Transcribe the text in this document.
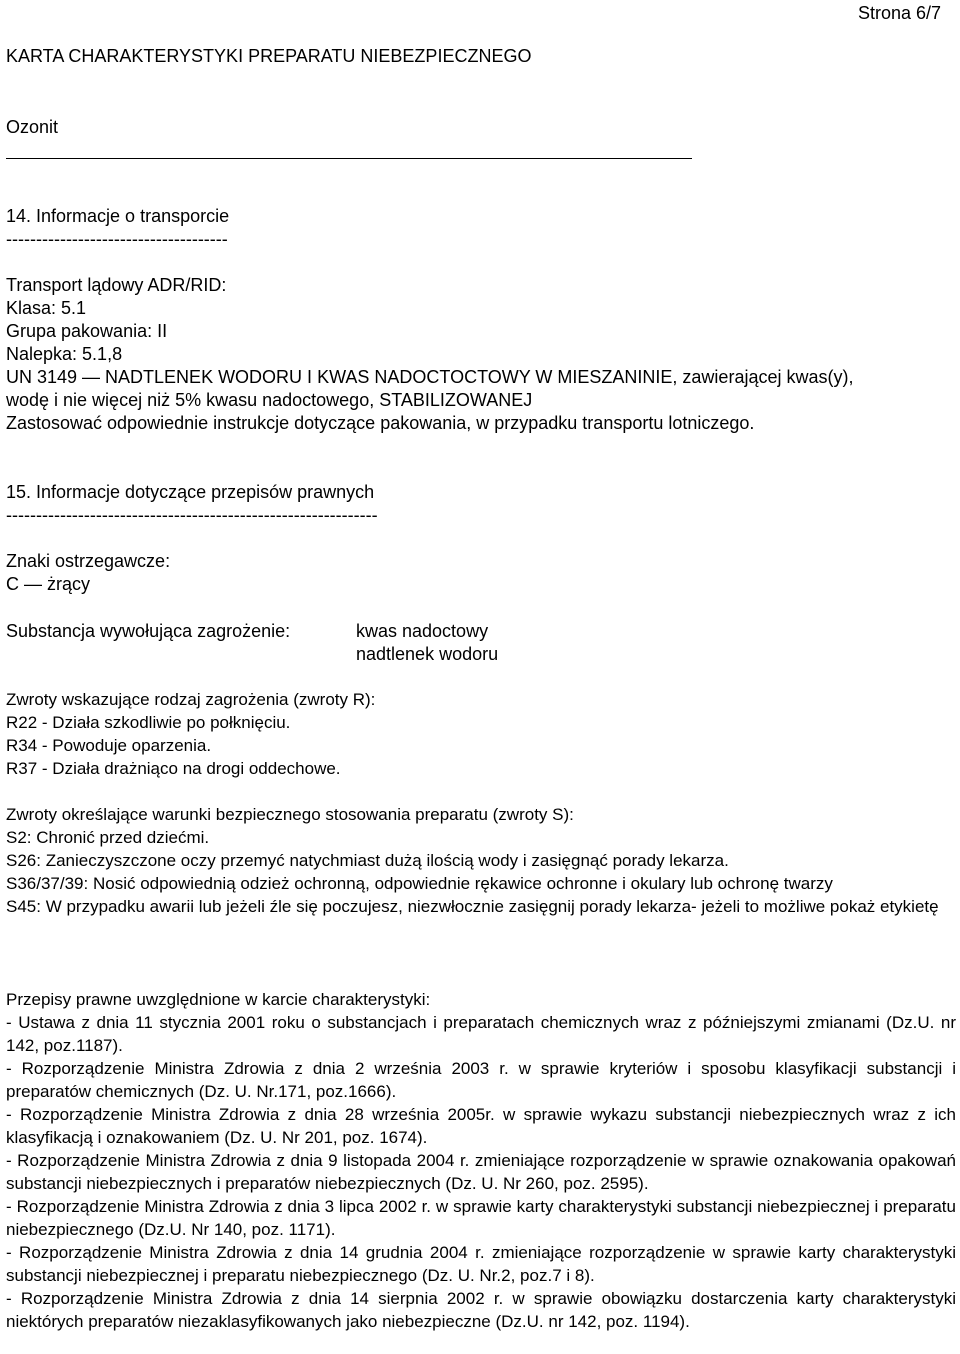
Strona 6/7
KARTA CHARAKTERYSTYKI PREPARATU NIEBEZPIECZNEGO
Ozonit
14. Informacje o transporcie
-------------------------------------
Transport lądowy ADR/RID:
Klasa: 5.1
Grupa pakowania: II
Nalepka: 5.1,8
UN 3149 — NADTLENEK WODORU I KWAS NADOCTOCTOWY W MIESZANINIE, zawierającej kwas(y),
wodę i nie więcej niż 5% kwasu nadoctowego, STABILIZOWANEJ
Zastosować odpowiednie instrukcje dotyczące pakowania, w przypadku transportu lotniczego.
15. Informacje dotyczące przepisów prawnych
--------------------------------------------------------------
Znaki ostrzegawcze:
C — żrący
Substancja wywołująca zagrożenie:	kwas nadoctowy
nadtlenek wodoru
Zwroty wskazujące rodzaj zagrożenia (zwroty R):
R22 - Działa szkodliwie po połknięciu.
R34 - Powoduje oparzenia.
R37 - Działa drażniąco na drogi oddechowe.
Zwroty określające warunki bezpiecznego stosowania preparatu (zwroty S):
S2: Chronić przed dziećmi.
S26: Zanieczyszczone oczy przemyć natychmiast dużą ilością wody i zasięgnąć porady lekarza.
S36/37/39: Nosić odpowiednią odzież ochronną, odpowiednie rękawice ochronne i okulary lub ochronę twarzy
S45: W przypadku awarii lub jeżeli źle się poczujesz, niezwłocznie zasięgnij porady lekarza- jeżeli to możliwe pokaż etykietę
Przepisy prawne uwzględnione w karcie charakterystyki:
- Ustawa z dnia 11 stycznia 2001 roku o substancjach i preparatach chemicznych wraz z późniejszymi zmianami (Dz.U. nr 142, poz.1187).
- Rozporządzenie Ministra Zdrowia z dnia 2 września 2003 r. w sprawie kryteriów i sposobu klasyfikacji substancji i preparatów chemicznych (Dz. U. Nr.171, poz.1666).
- Rozporządzenie Ministra Zdrowia z dnia 28 września 2005r. w sprawie wykazu substancji niebezpiecznych wraz z ich klasyfikacją i oznakowaniem (Dz. U. Nr 201, poz. 1674).
- Rozporządzenie Ministra Zdrowia z dnia 9 listopada 2004 r. zmieniające rozporządzenie w sprawie oznakowania opakowań substancji niebezpiecznych i preparatów niebezpiecznych (Dz. U. Nr 260, poz. 2595).
- Rozporządzenie Ministra Zdrowia z dnia 3 lipca 2002 r. w sprawie karty charakterystyki substancji niebezpiecznej i preparatu niebezpiecznego (Dz.U. Nr 140, poz. 1171).
- Rozporządzenie Ministra Zdrowia z dnia 14 grudnia 2004 r. zmieniające rozporządzenie w sprawie karty charakterystyki substancji niebezpiecznej i preparatu niebezpiecznego (Dz. U. Nr.2, poz.7 i 8).
- Rozporządzenie Ministra Zdrowia z dnia 14 sierpnia 2002 r. w sprawie obowiązku dostarczenia karty charakterystyki niektórych preparatów niezaklasyfikowanych jako niebezpieczne (Dz.U. nr 142, poz. 1194).
